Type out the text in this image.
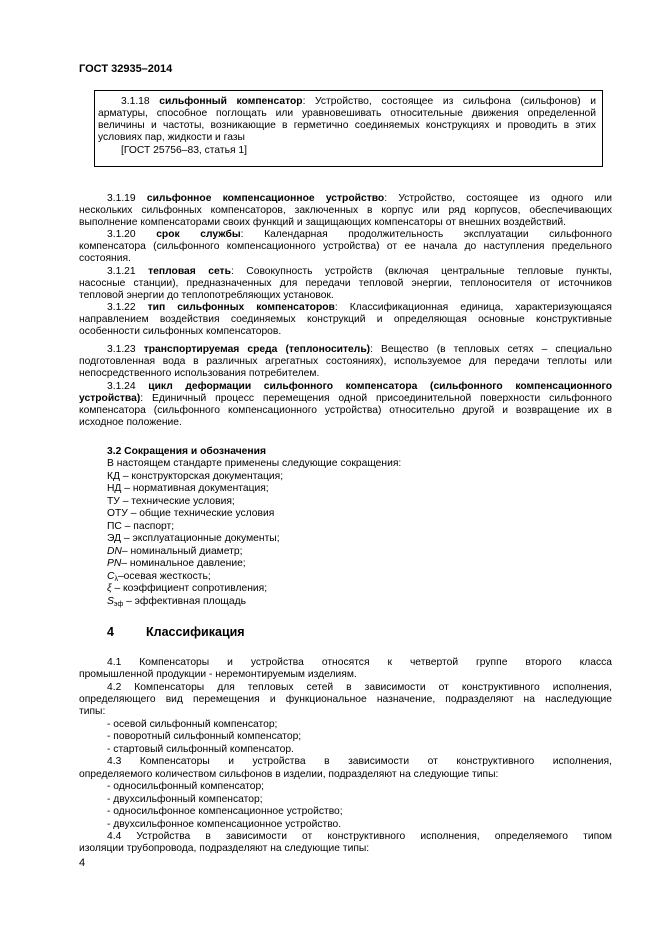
ГОСТ 32935–2014
3.1.18 сильфонный компенсатор: Устройство, состоящее из сильфона (сильфонов) и
арматуры, способное поглощать или уравновешивать относительные движения определенной
величины и частоты, возникающие в герметично соединяемых конструкциях и проводить в этих
условиях пар, жидкости и газы
[ГОСТ 25756–83, статья 1]
3.1.19 сильфонное компенсационное устройство: Устройство, состоящее из одного или
нескольких сильфонных компенсаторов, заключенных в корпус или ряд корпусов, обеспечивающих
выполнение компенсаторами своих функций и защищающих компенсаторы от внешних воздействий.
3.1.20 срок службы: Календарная продолжительность эксплуатации сильфонного
компенсатора (сильфонного компенсационного устройства) от ее начала до наступления предельного
состояния.
3.1.21 тепловая сеть: Совокупность устройств (включая центральные тепловые пункты,
насосные станции), предназначенных для передачи тепловой энергии, теплоносителя от источников
тепловой энергии до теплопотребляющих установок.
3.1.22 тип сильфонных компенсаторов: Классификационная единица, характеризующаяся
направлением воздействия соединяемых конструкций и определяющая основные конструктивные
особенности сильфонных компенсаторов.
3.1.23 транспортируемая среда (теплоноситель): Вещество (в тепловых сетях – специально
подготовленная вода в различных агрегатных состояниях), используемое для передачи теплоты или
непосредственного использования потребителем.
3.1.24 цикл деформации сильфонного компенсатора (сильфонного компенсационного
устройства): Единичный процесс перемещения одной присоединительной поверхности сильфонного
компенсатора (сильфонного компенсационного устройства) относительно другой и возвращение их в
исходное положение.
3.2 Сокращения и обозначения
В настоящем стандарте применены следующие сокращения:
КД – конструкторская документация;
НД – нормативная документация;
ТУ – технические условия;
ОТУ – общие технические условия
ПС – паспорт;
ЭД – эксплуатационные документы;
DN– номинальный диаметр;
PN– номинальное давление;
$C_\lambda$–осевая жесткость;
ξ – коэффициент сопротивления;
$S_{эф}$ – эффективная площадь
4	Классификация
4.1 Компенсаторы и устройства относятся к четвертой группе второго класса
промышленной продукции - неремонтируемым изделиям.
4.2 Компенсаторы для тепловых сетей в зависимости от конструктивного исполнения,
определяющего вид перемещения и функциональное назначение, подразделяют на наследующие
типы:
- осевой сильфонный компенсатор;
- поворотный сильфонный компенсатор;
- стартовый сильфонный компенсатор.
4.3 Компенсаторы и устройства в зависимости от конструктивного исполнения,
определяемого количеством сильфонов в изделии, подразделяют на следующие типы:
- односильфонный компенсатор;
- двухсильфонный компенсатор;
- односильфонное компенсационное устройство;
- двухсильфонное компенсационное устройство.
4.4 Устройства в зависимости от конструктивного исполнения, определяемого типом
изоляции трубопровода, подразделяют на следующие типы:
4
